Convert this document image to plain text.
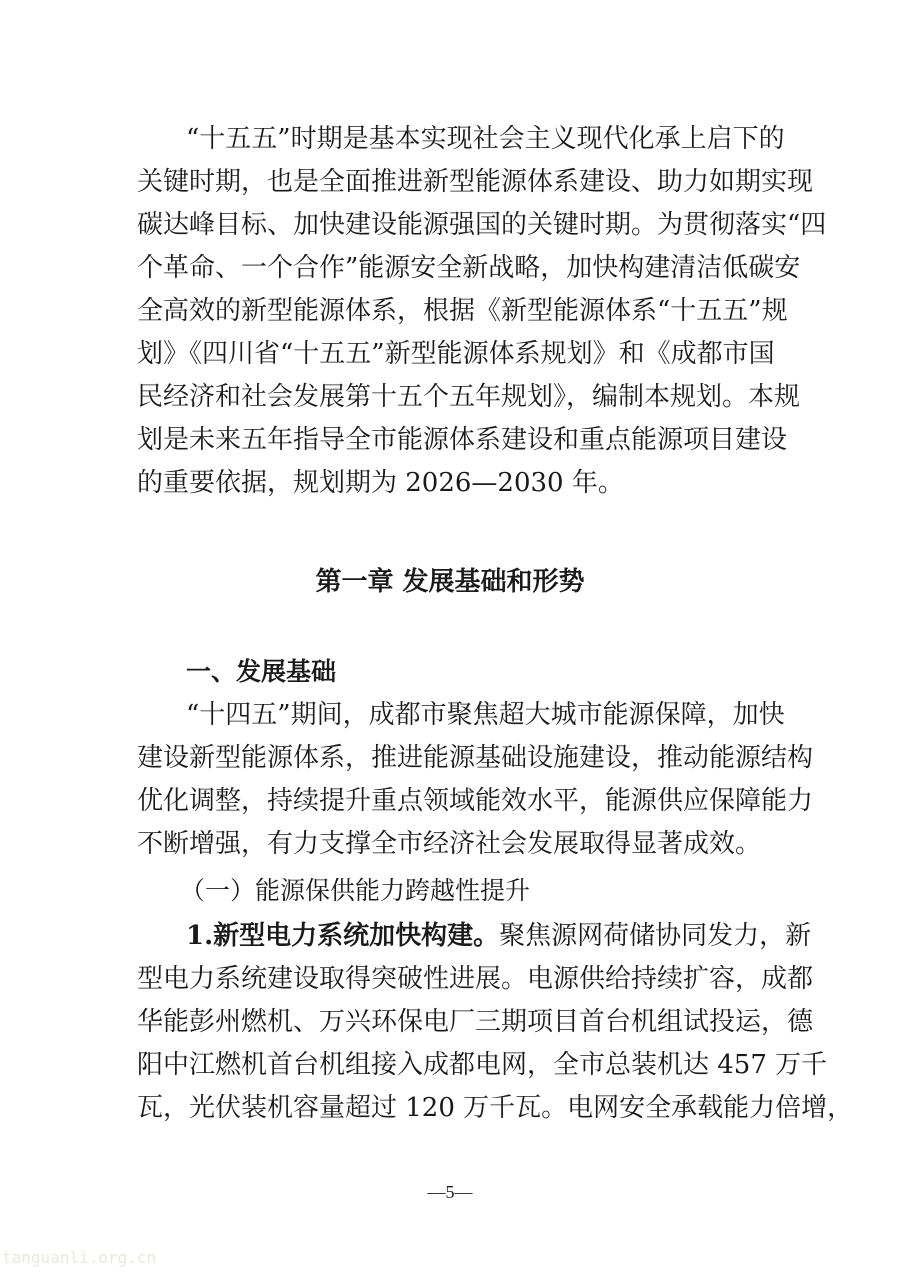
“十五五”时期是基本实现社会主义现代化承上启下的
关键时期，也是全面推进新型能源体系建设、助力如期实现
碳达峰目标、加快建设能源强国的关键时期。为贯彻落实“四
个革命、一个合作”能源安全新战略，加快构建清洁低碳安
全高效的新型能源体系，根据《新型能源体系“十五五”规
划》《四川省“十五五”新型能源体系规划》和《成都市国
民经济和社会发展第十五个五年规划》，编制本规划。本规
划是未来五年指导全市能源体系建设和重点能源项目建设
的重要依据，规划期为 2026—2030 年。
第一章 发展基础和形势
一、发展基础
“十四五”期间，成都市聚焦超大城市能源保障，加快
建设新型能源体系，推进能源基础设施建设，推动能源结构
优化调整，持续提升重点领域能效水平，能源供应保障能力
不断增强，有力支撑全市经济社会发展取得显著成效。
（一）能源保供能力跨越性提升
1.新型电力系统加快构建。 聚焦源网荷储协同发力，新
型电力系统建设取得突破性进展。电源供给持续扩容，成都
华能彭州燃机、万兴环保电厂三期项目首台机组试投运，德
阳中江燃机首台机组接入成都电网，全市总装机达 457 万千
瓦，光伏装机容量超过 120 万千瓦。电网安全承载能力倍增，
—5—
tanguanli.org.cn
